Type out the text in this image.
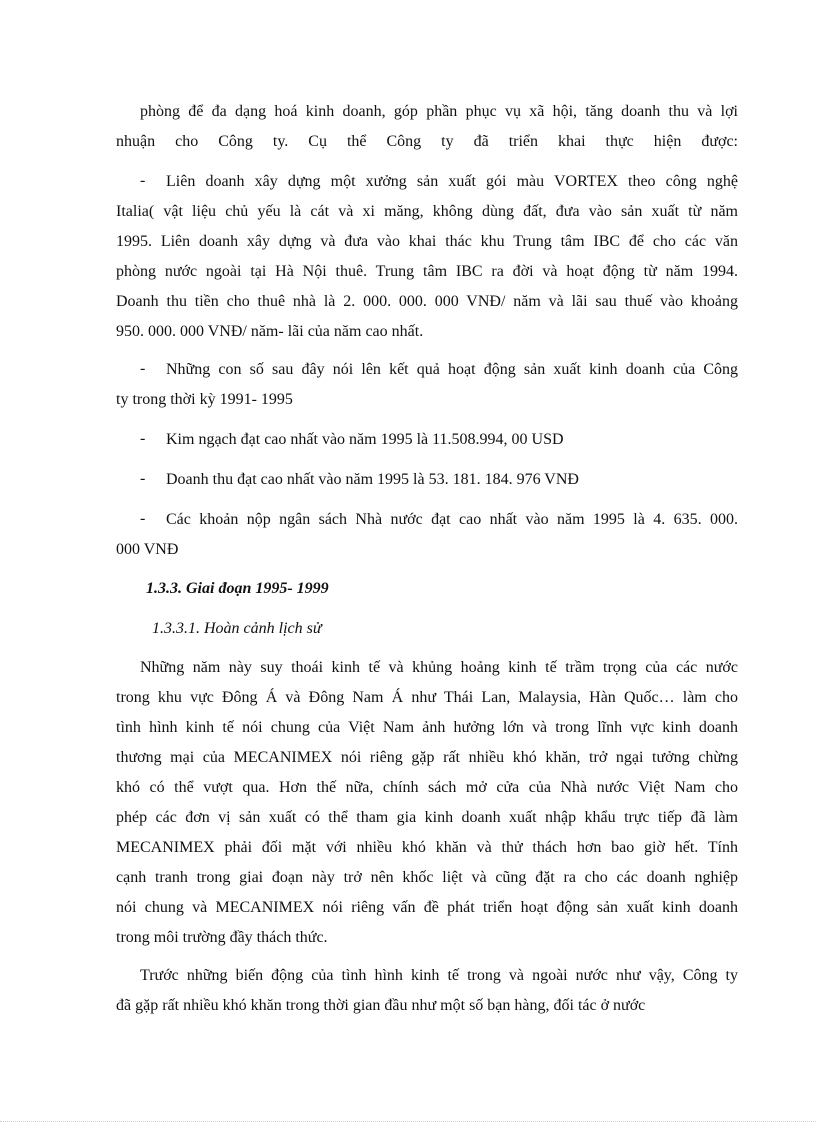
phòng để đa dạng hoá kinh doanh, góp phần phục vụ xã hội, tăng doanh thu và lợi
nhuận cho Công ty. Cụ thể Công ty đã triển khai thực hiện được:
- Liên doanh xây dựng một xưởng sản xuất gói màu VORTEX theo công nghệ
Italia( vật liệu chủ yếu là cát và xi măng, không dùng đất, đưa vào sản xuất từ năm
1995. Liên doanh xây dựng và đưa vào khai thác khu Trung tâm IBC để cho các văn
phòng nước ngoài tại Hà Nội thuê. Trung tâm IBC ra đời và hoạt động từ năm 1994.
Doanh thu tiền cho thuê nhà là 2. 000. 000. 000 VNĐ/ năm và lãi sau thuế vào khoảng
950. 000. 000 VNĐ/ năm- lãi của năm cao nhất.
- Những con số sau đây nói lên kết quả hoạt động sản xuất kinh doanh của Công
ty trong thời kỳ 1991- 1995
- Kim ngạch đạt cao nhất vào năm 1995 là 11.508.994, 00 USD
- Doanh thu đạt cao nhất vào năm 1995 là 53. 181. 184. 976 VNĐ
- Các khoản nộp ngân sách Nhà nước đạt cao nhất vào năm 1995 là 4. 635. 000.
000 VNĐ
1.3.3. Giai đoạn 1995- 1999
1.3.3.1. Hoàn cảnh lịch sử
Những năm này suy thoái kinh tế và khủng hoảng kinh tế trầm trọng của các nước
trong khu vực Đông Á và Đông Nam Á như Thái Lan, Malaysia, Hàn Quốc… làm cho
tình hình kinh tế nói chung của Việt Nam ảnh hưởng lớn và trong lĩnh vực kinh doanh
thương mại của MECANIMEX nói riêng gặp rất nhiều khó khăn, trở ngại tưởng chừng
khó có thể vượt qua. Hơn thế nữa, chính sách mở cửa của Nhà nước Việt Nam cho
phép các đơn vị sản xuất có thể tham gia kinh doanh xuất nhập khẩu trực tiếp đã làm
MECANIMEX phải đối mặt với nhiều khó khăn và thử thách hơn bao giờ hết. Tính
cạnh tranh trong giai đoạn này trở nên khốc liệt và cũng đặt ra cho các doanh nghiệp
nói chung và MECANIMEX nói riêng vấn đề phát triển hoạt động sản xuất kinh doanh
trong môi trường đầy thách thức.
Trước những biến động của tình hình kinh tế trong và ngoài nước như vậy, Công ty
đã gặp rất nhiều khó khăn trong thời gian đầu như một số bạn hàng, đối tác ở nước
